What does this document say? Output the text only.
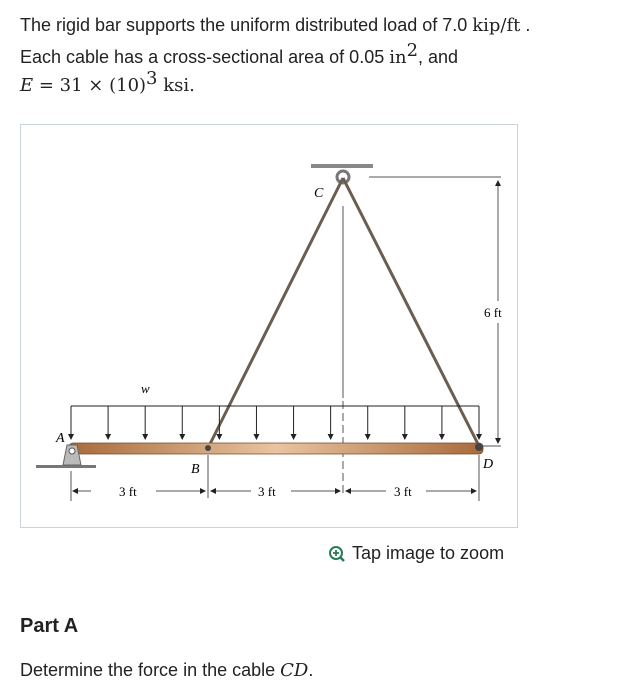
The rigid bar supports the uniform distributed load of 7.0 kip/ft .
Each cable has a cross-sectional area of 0.05 $in^2$, and
$E = 31 \times (10)^3$ ksi.
6 ft
w
A
B
C
D
3 ft	3 ft	3 ft
Tap image to zoom
Part A
Determine the force in the cable CD.
